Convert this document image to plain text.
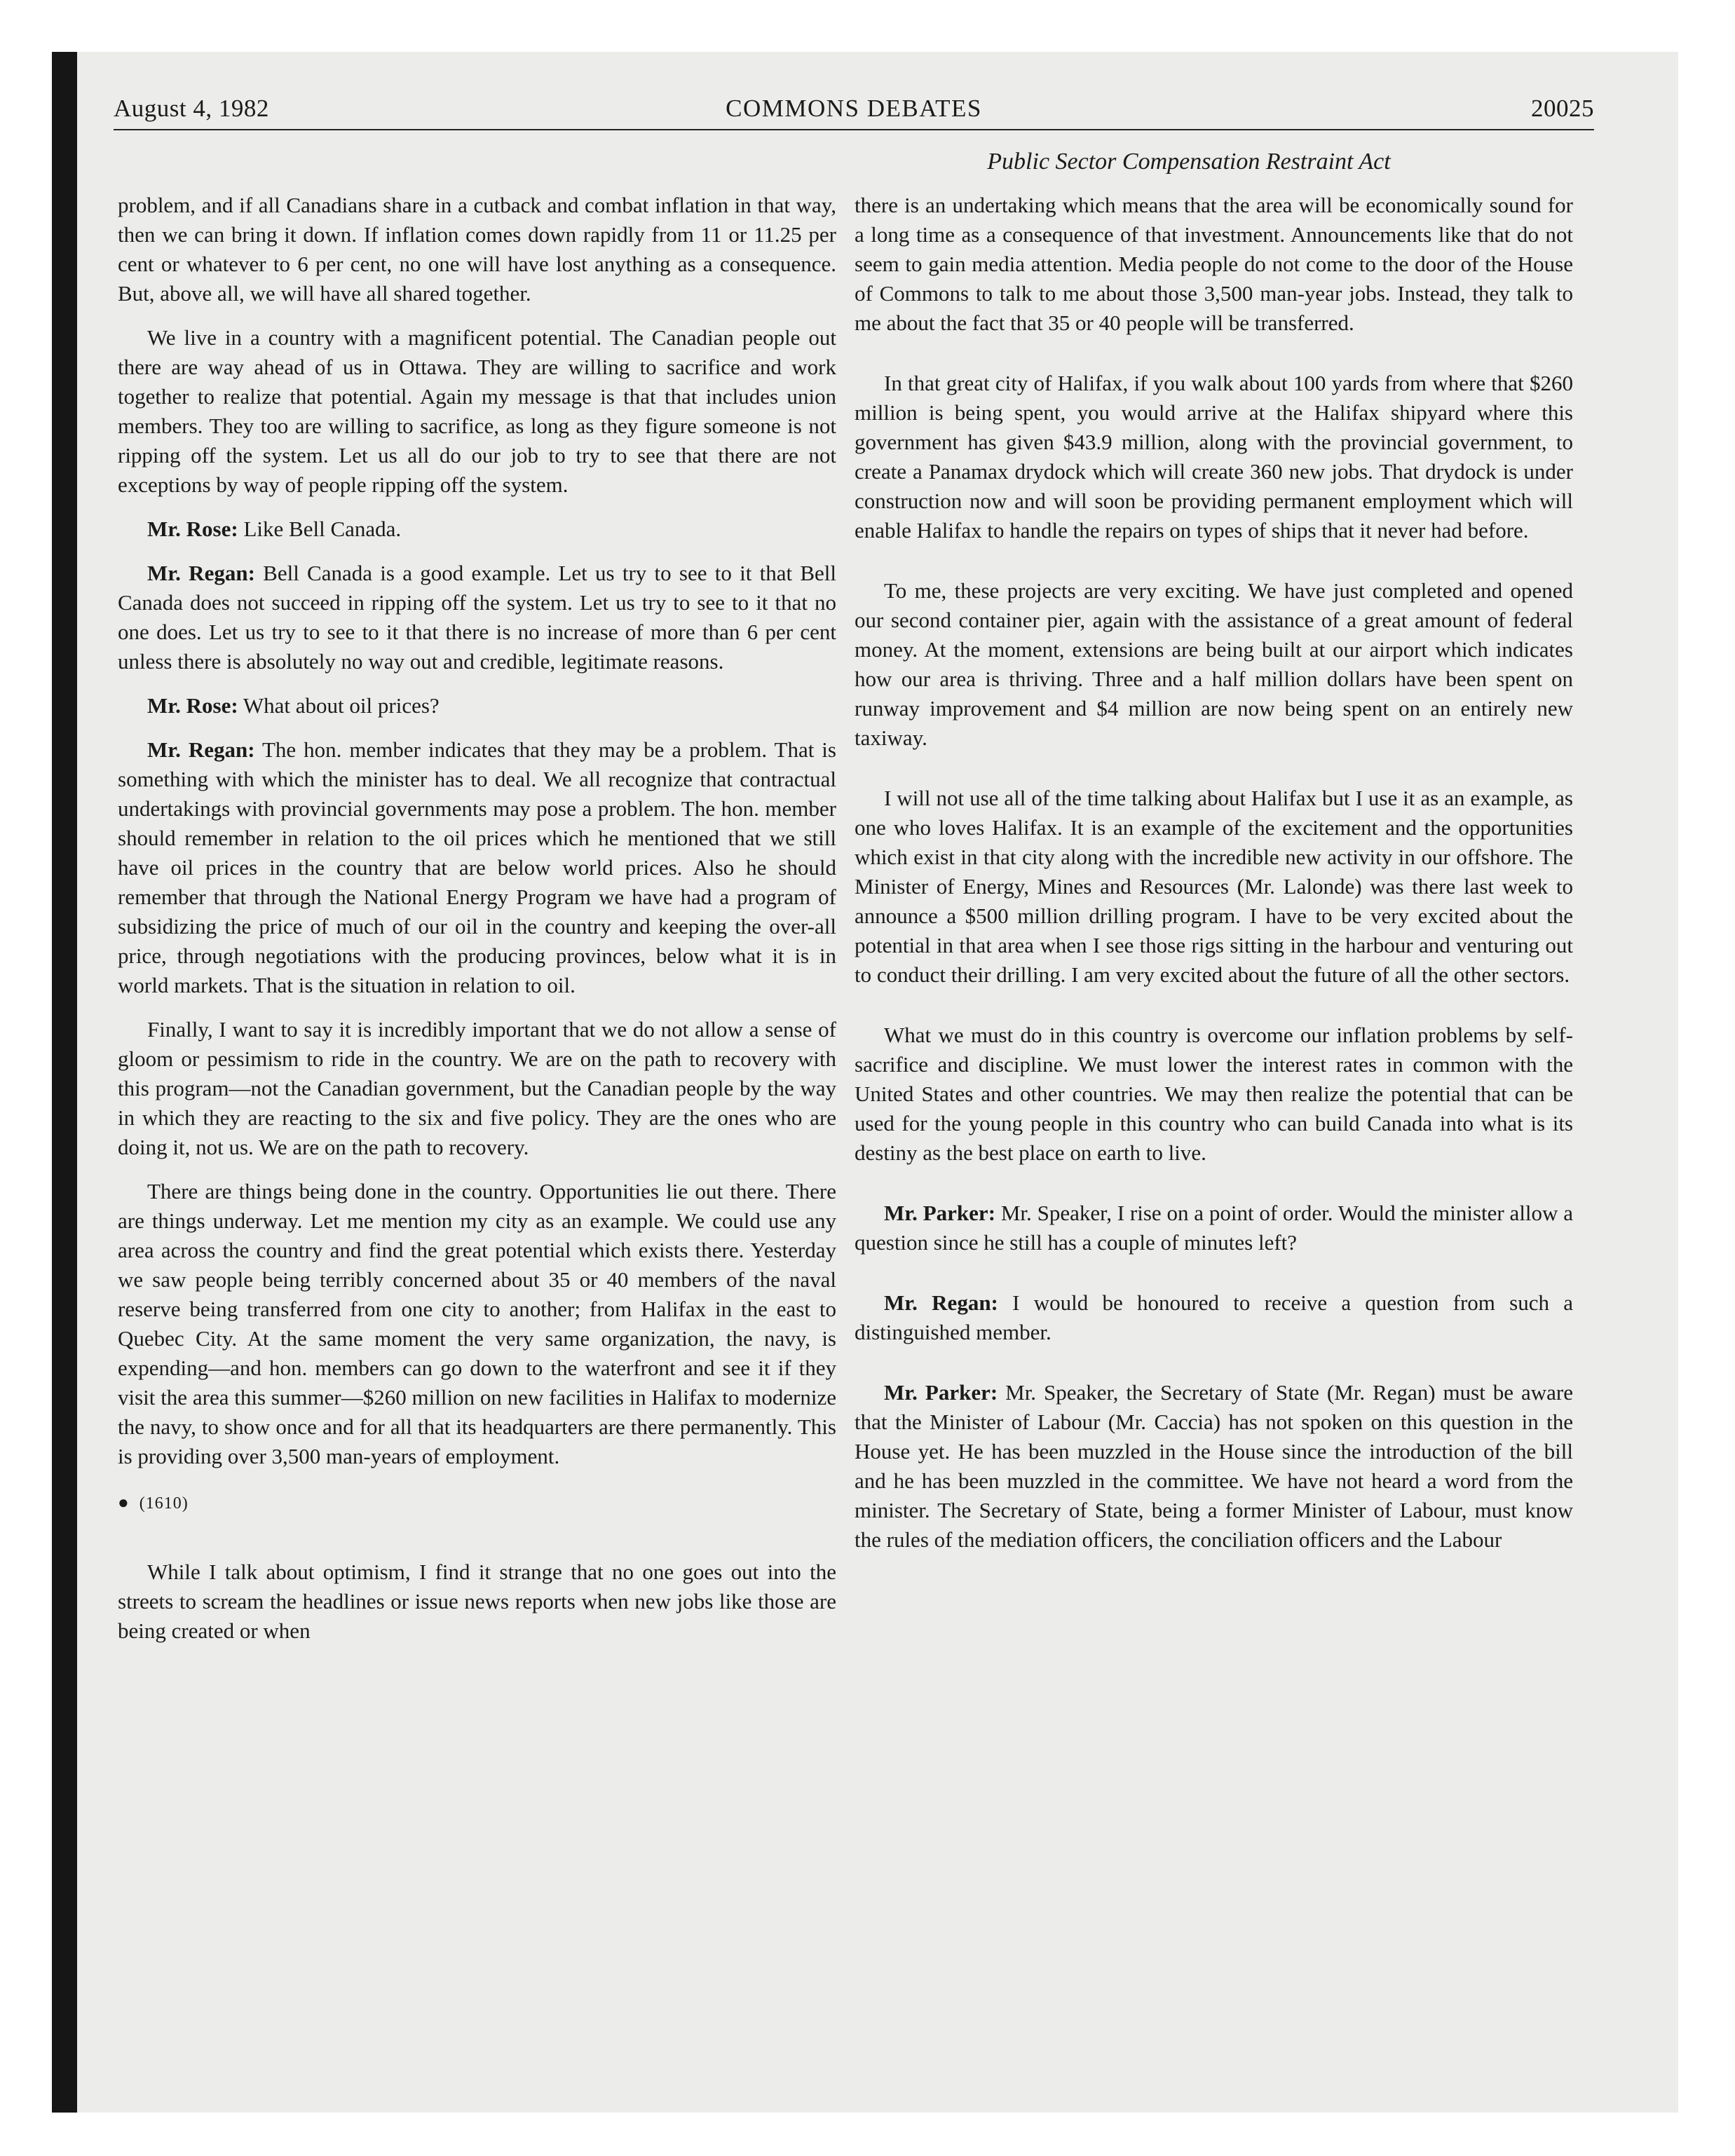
COMMONS DEBATES
August 4, 1982	20025
Public Sector Compensation Restraint Act

problem, and if all Canadians share in a cutback and combat inflation in that way, then we can bring it down. If inflation comes down rapidly from 11 or 11.25 per cent or whatever to 6 per cent, no one will have lost anything as a consequence. But, above all, we will have all shared together.

We live in a country with a magnificent potential. The Canadian people out there are way ahead of us in Ottawa. They are willing to sacrifice and work together to realize that potential. Again my message is that that includes union members. They too are willing to sacrifice, as long as they figure someone is not ripping off the system. Let us all do our job to try to see that there are not exceptions by way of people ripping off the system.

Mr. Rose: Like Bell Canada.

Mr. Regan: Bell Canada is a good example. Let us try to see to it that Bell Canada does not succeed in ripping off the system. Let us try to see to it that no one does. Let us try to see to it that there is no increase of more than 6 per cent unless there is absolutely no way out and credible, legitimate reasons.

Mr. Rose: What about oil prices?

Mr. Regan: The hon. member indicates that they may be a problem. That is something with which the minister has to deal. We all recognize that contractual undertakings with provincial governments may pose a problem. The hon. member should remember in relation to the oil prices which he mentioned that we still have oil prices in the country that are below world prices. Also he should remember that through the National Energy Program we have had a program of subsidizing the price of much of our oil in the country and keeping the over-all price, through negotiations with the producing provinces, below what it is in world markets. That is the situation in relation to oil.

Finally, I want to say it is incredibly important that we do not allow a sense of gloom or pessimism to ride in the country. We are on the path to recovery with this program—not the Canadian government, but the Canadian people by the way in which they are reacting to the six and five policy. They are the ones who are doing it, not us. We are on the path to recovery.

There are things being done in the country. Opportunities lie out there. There are things underway. Let me mention my city as an example. We could use any area across the country and find the great potential which exists there. Yesterday we saw people being terribly concerned about 35 or 40 members of the naval reserve being transferred from one city to another; from Halifax in the east to Quebec City. At the same moment the very same organization, the navy, is expending—and hon. members can go down to the waterfront and see it if they visit the area this summer—$260 million on new facilities in Halifax to modernize the navy, to show once and for all that its headquarters are there permanently. This is providing over 3,500 man-years of employment.

● (1610)

While I talk about optimism, I find it strange that no one goes out into the streets to scream the headlines or issue news reports when new jobs like those are being created or when

there is an undertaking which means that the area will be economically sound for a long time as a consequence of that investment. Announcements like that do not seem to gain media attention. Media people do not come to the door of the House of Commons to talk to me about those 3,500 man-year jobs. Instead, they talk to me about the fact that 35 or 40 people will be transferred.

In that great city of Halifax, if you walk about 100 yards from where that $260 million is being spent, you would arrive at the Halifax shipyard where this government has given $43.9 million, along with the provincial government, to create a Panamax drydock which will create 360 new jobs. That drydock is under construction now and will soon be providing permanent employment which will enable Halifax to handle the repairs on types of ships that it never had before.

To me, these projects are very exciting. We have just completed and opened our second container pier, again with the assistance of a great amount of federal money. At the moment, extensions are being built at our airport which indicates how our area is thriving. Three and a half million dollars have been spent on runway improvement and $4 million are now being spent on an entirely new taxiway.

I will not use all of the time talking about Halifax but I use it as an example, as one who loves Halifax. It is an example of the excitement and the opportunities which exist in that city along with the incredible new activity in our offshore. The Minister of Energy, Mines and Resources (Mr. Lalonde) was there last week to announce a $500 million drilling program. I have to be very excited about the potential in that area when I see those rigs sitting in the harbour and venturing out to conduct their drilling. I am very excited about the future of all the other sectors.

What we must do in this country is overcome our inflation problems by self-sacrifice and discipline. We must lower the interest rates in common with the United States and other countries. We may then realize the potential that can be used for the young people in this country who can build Canada into what is its destiny as the best place on earth to live.

Mr. Parker: Mr. Speaker, I rise on a point of order. Would the minister allow a question since he still has a couple of minutes left?

Mr. Regan: I would be honoured to receive a question from such a distinguished member.

Mr. Parker: Mr. Speaker, the Secretary of State (Mr. Regan) must be aware that the Minister of Labour (Mr. Caccia) has not spoken on this question in the House yet. He has been muzzled in the House since the introduction of the bill and he has been muzzled in the committee. We have not heard a word from the minister. The Secretary of State, being a former Minister of Labour, must know the rules of the mediation officers, the conciliation officers and the Labour
